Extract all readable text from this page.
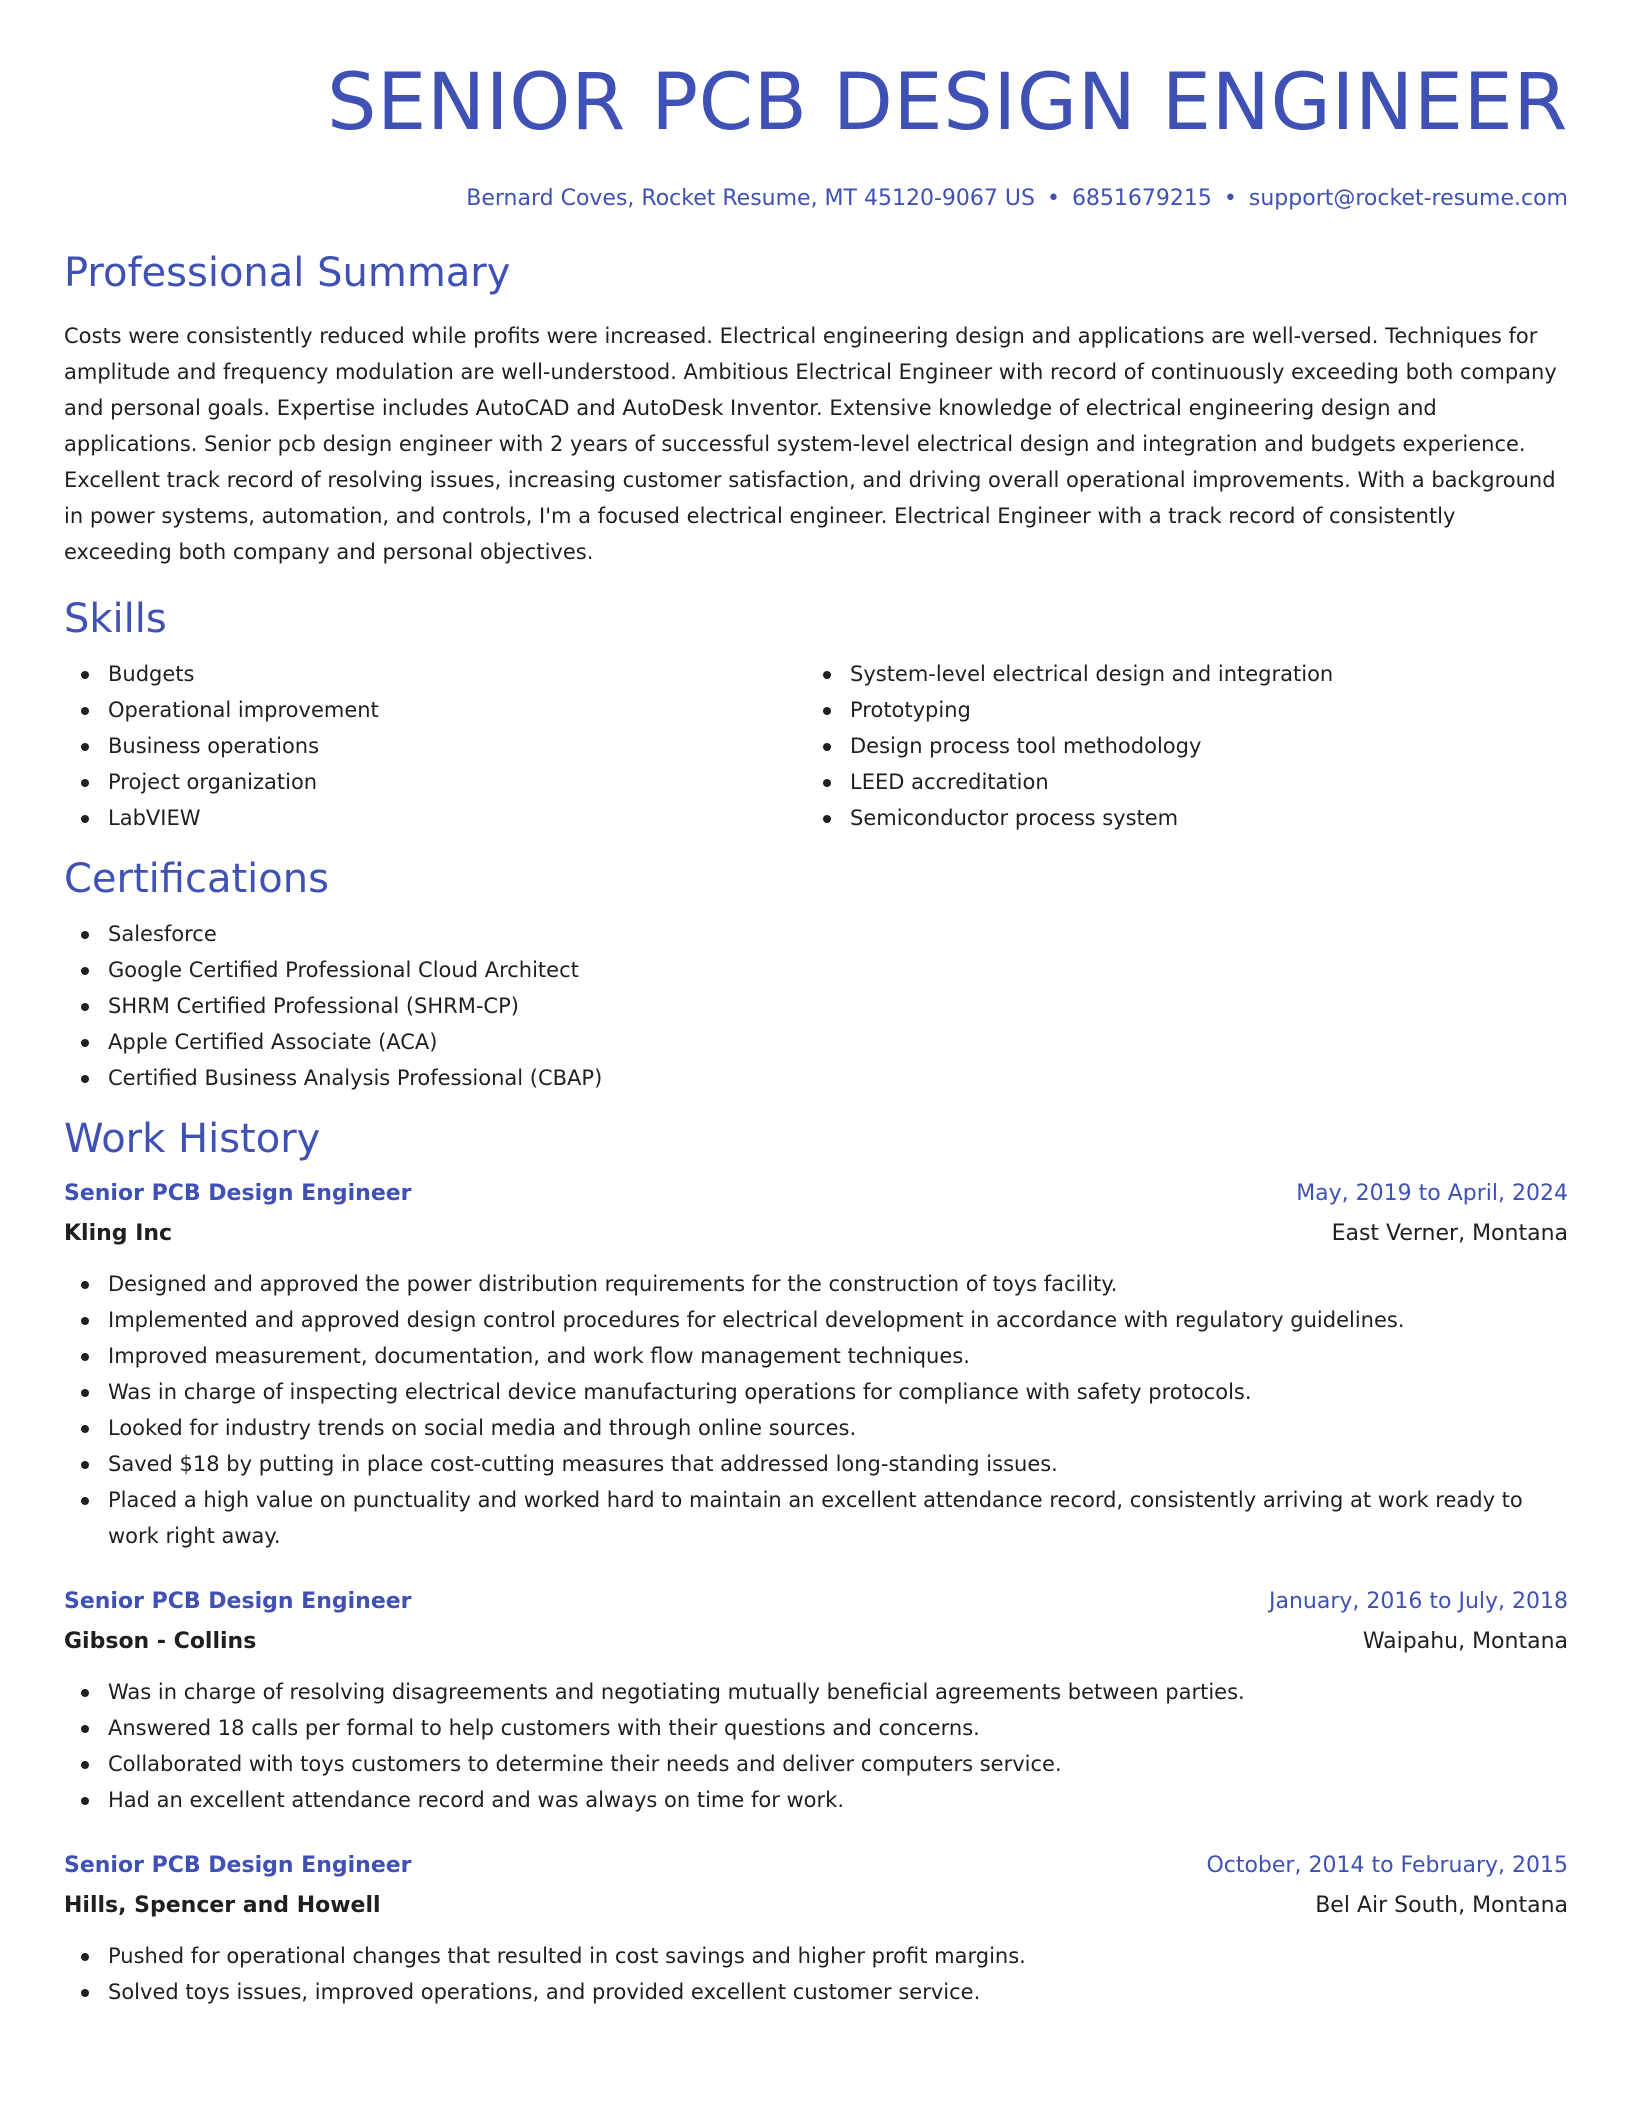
SENIOR PCB DESIGN ENGINEER
Bernard Coves, Rocket Resume, MT 45120-9067 US • 6851679215 • support@rocket-resume.com
Professional Summary

Costs were consistently reduced while profits were increased. Electrical engineering design and applications are well-versed. Techniques for amplitude and frequency modulation are well-understood. Ambitious Electrical Engineer with record of continuously exceeding both company and personal goals. Expertise includes AutoCAD and AutoDesk Inventor. Extensive knowledge of electrical engineering design and applications. Senior pcb design engineer with 2 years of successful system-level electrical design and integration and budgets experience. Excellent track record of resolving issues, increasing customer satisfaction, and driving overall operational improvements. With a background in power systems, automation, and controls, I'm a focused electrical engineer. Electrical Engineer with a track record of consistently exceeding both company and personal objectives.

Skills
Budgets
Operational improvement
Business operations
Project organization
LabVIEW
System-level electrical design and integration
Prototyping
Design process tool methodology
LEED accreditation
Semiconductor process system
Certifications
Salesforce
Google Certified Professional Cloud Architect
SHRM Certified Professional (SHRM-CP)
Apple Certified Associate (ACA)
Certified Business Analysis Professional (CBAP)
Work History
Senior PCB Design Engineer	May, 2019 to April, 2024
Kling Inc	East Verner, Montana
Designed and approved the power distribution requirements for the construction of toys facility.
Implemented and approved design control procedures for electrical development in accordance with regulatory guidelines.
Improved measurement, documentation, and work flow management techniques.
Was in charge of inspecting electrical device manufacturing operations for compliance with safety protocols.
Looked for industry trends on social media and through online sources.
Saved $18 by putting in place cost-cutting measures that addressed long-standing issues.
Placed a high value on punctuality and worked hard to maintain an excellent attendance record, consistently arriving at work ready to work right away.
Senior PCB Design Engineer	January, 2016 to July, 2018
Gibson - Collins	Waipahu, Montana
Was in charge of resolving disagreements and negotiating mutually beneficial agreements between parties.
Answered 18 calls per formal to help customers with their questions and concerns.
Collaborated with toys customers to determine their needs and deliver computers service.
Had an excellent attendance record and was always on time for work.
Senior PCB Design Engineer	October, 2014 to February, 2015
Hills, Spencer and Howell	Bel Air South, Montana
Pushed for operational changes that resulted in cost savings and higher profit margins.
Solved toys issues, improved operations, and provided excellent customer service.
